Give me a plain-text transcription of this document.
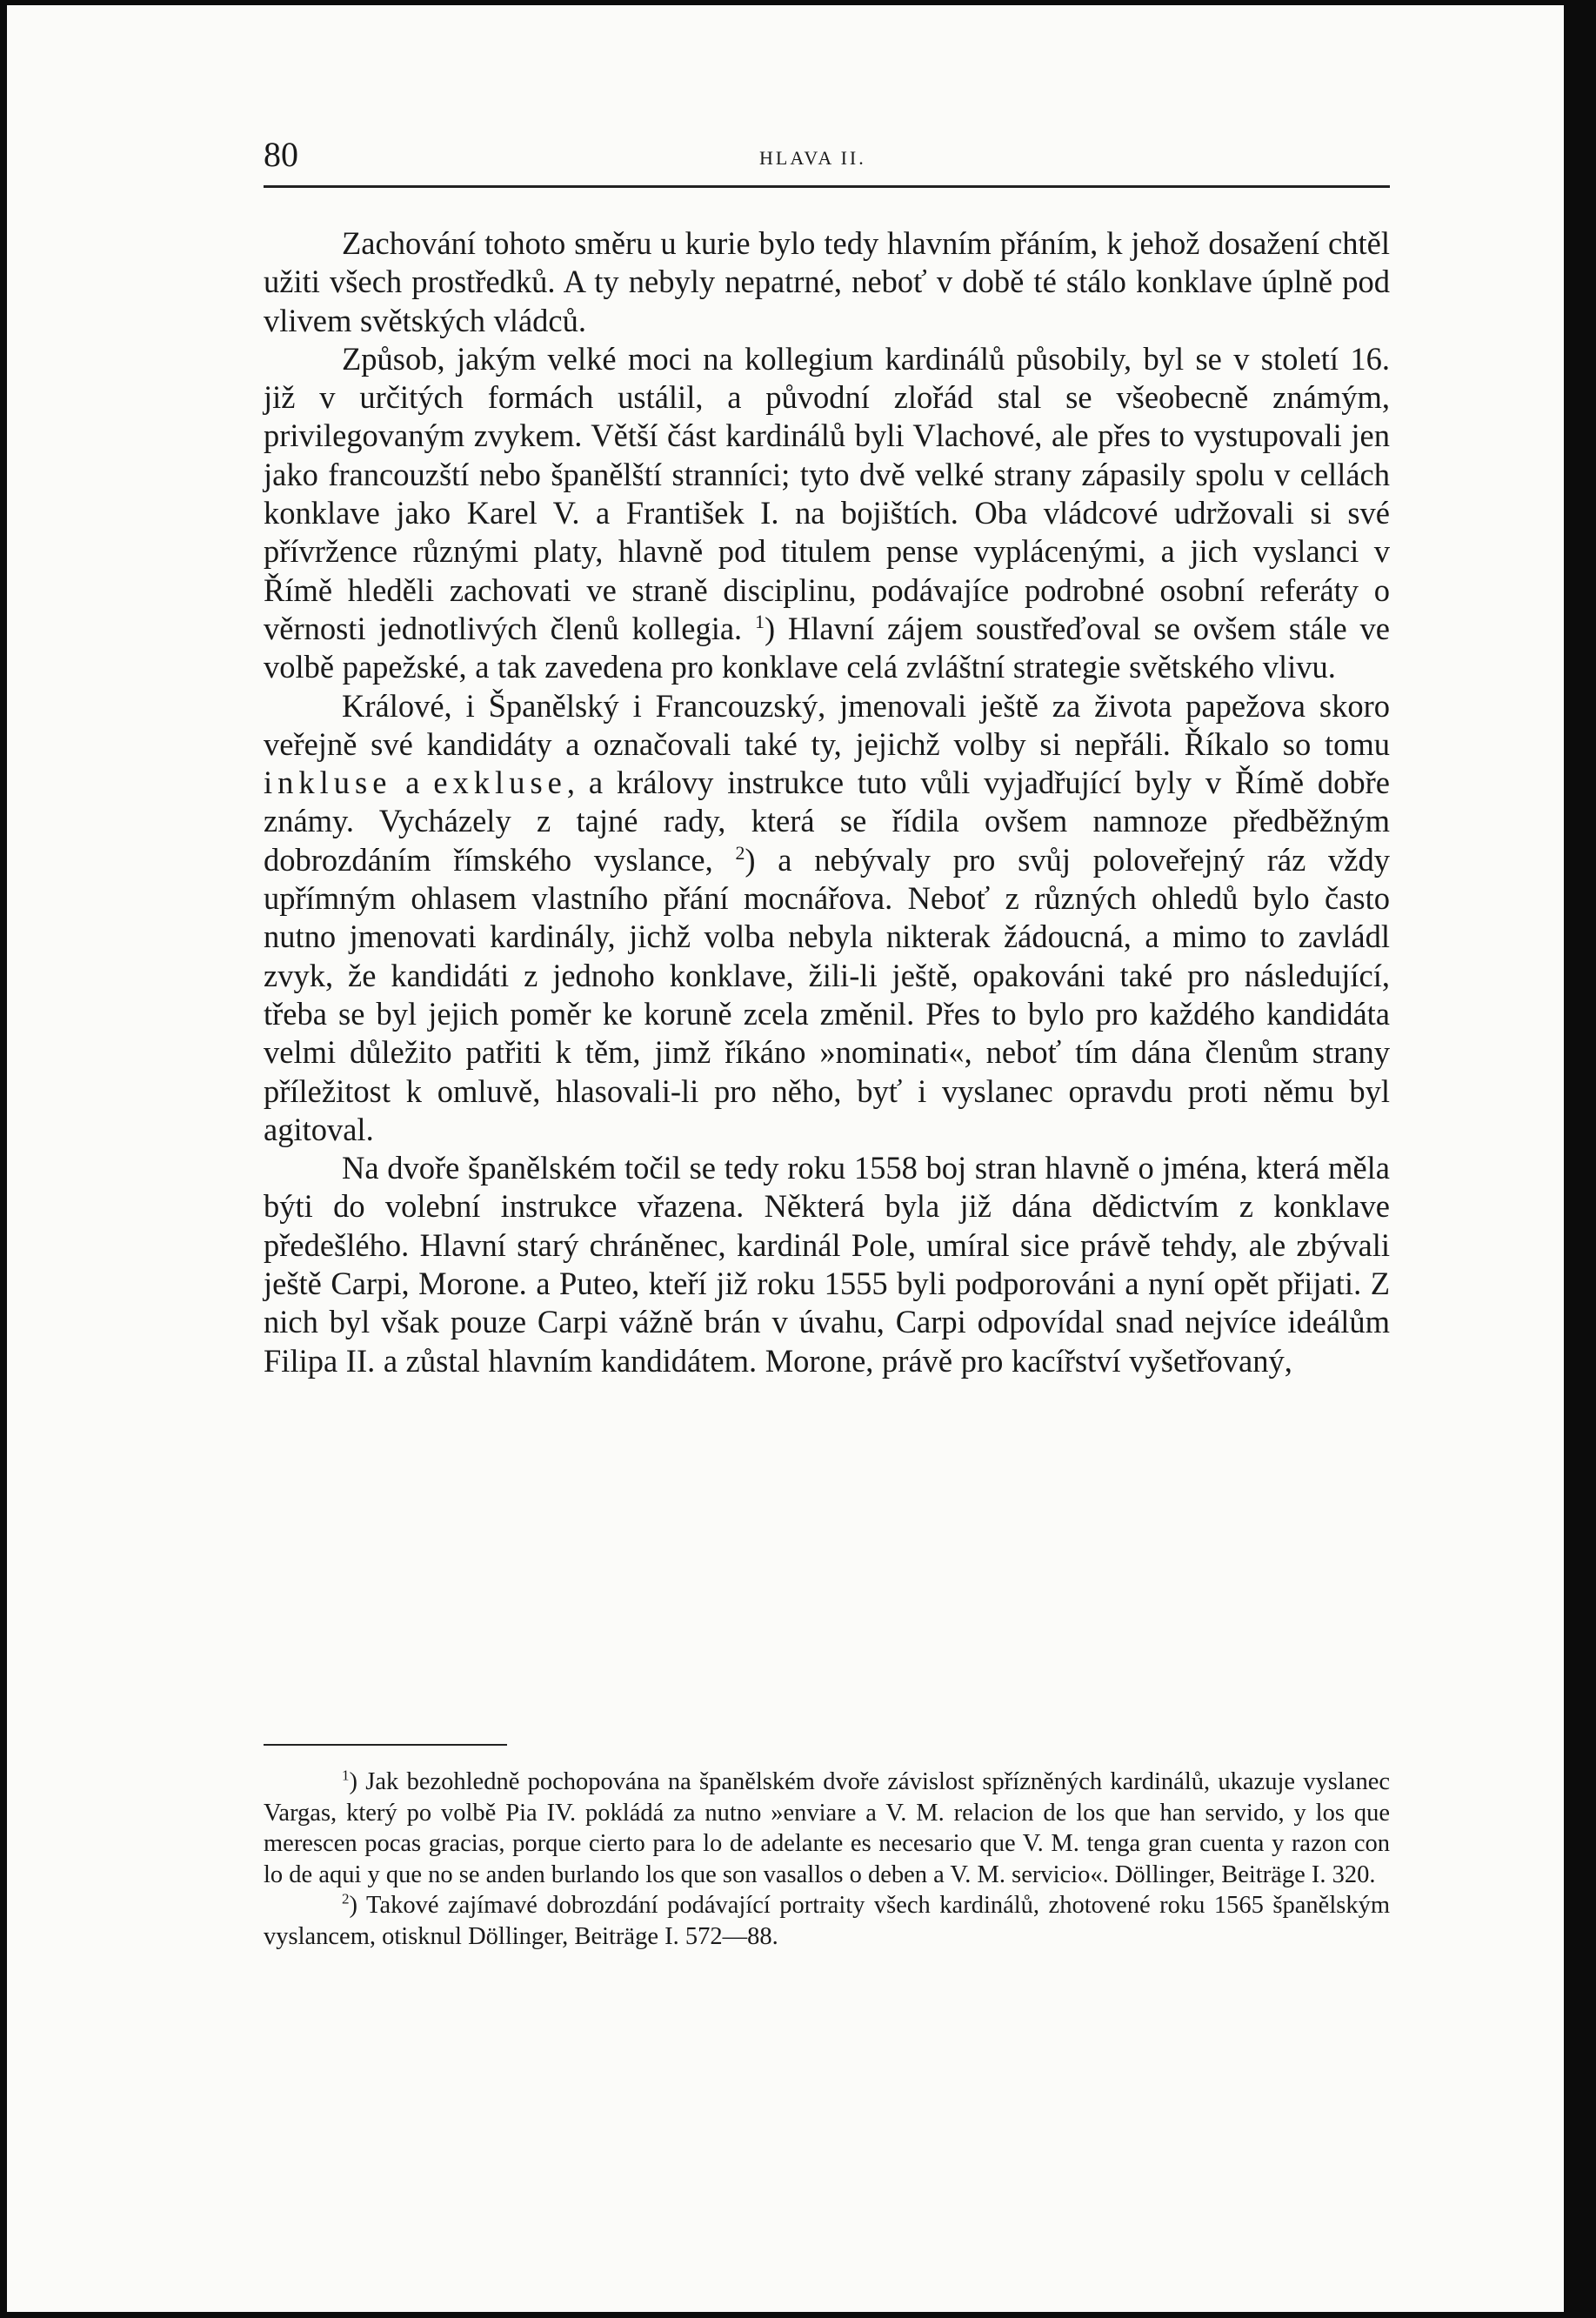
80	HLAVA II.

Zachování tohoto směru u kurie bylo tedy hlavním přáním, k jehož dosažení chtěl užiti všech prostředků. A ty nebyly nepatrné, neboť v době té stálo konklave úplně pod vlivem světských vládců.

Způsob, jakým velké moci na kollegium kardinálů působily, byl se v století 16. již v určitých formách ustálil, a původní zlořád stal se všeobecně známým, privilegovaným zvykem. Větší část kardinálů byli Vlachové, ale přes to vystupovali jen jako francouzští nebo španělští stranníci; tyto dvě velké strany zápasily spolu v cellách konklave jako Karel V. a František I. na bojištích. Oba vládcové udržovali si své přívržence různými platy, hlavně pod titulem pense vyplácenými, a jich vyslanci v Římě hleděli zachovati ve straně disciplinu, podávajíce podrobné osobní referáty o věrnosti jednotlivých členů kollegia. $^1$) Hlavní zájem soustřeďoval se ovšem stále ve volbě papežské, a tak zavedena pro konklave celá zvláštní strategie světského vlivu.

Králové, i Španělský i Francouzský, jmenovali ještě za života papežova skoro veřejně své kandidáty a označovali také ty, jejichž volby si nepřáli. Říkalo so tomu inkluse a exkluse, a královy instrukce tuto vůli vyjadřující byly v Římě dobře známy. Vycházely z tajné rady, která se řídila ovšem namnoze předběžným dobrozdáním římského vyslance, $^2$) a nebývaly pro svůj poloveřejný ráz vždy upřímným ohlasem vlastního přání mocnářova. Neboť z různých ohledů bylo často nutno jmenovati kardinály, jichž volba nebyla nikterak žádoucná, a mimo to zavládl zvyk, že kandidáti z jednoho konklave, žili-li ještě, opakováni také pro následující, třeba se byl jejich poměr ke koruně zcela změnil. Přes to bylo pro každého kandidáta velmi důležito patřiti k těm, jimž říkáno »nominati«, neboť tím dána členům strany příležitost k omluvě, hlasovali-li pro něho, byť i vyslanec opravdu proti němu byl agitoval.

Na dvoře španělském točil se tedy roku 1558 boj stran hlavně o jména, která měla býti do volební instrukce vřazena. Některá byla již dána dědictvím z konklave předešlého. Hlavní starý chráněnec, kardinál Pole, umíral sice právě tehdy, ale zbývali ještě Carpi, Morone. a Puteo, kteří již roku 1555 byli podporováni a nyní opět přijati. Z nich byl však pouze Carpi vážně brán v úvahu, Carpi odpovídal snad nejvíce ideálům Filipa II. a zůstal hlavním kandidátem. Morone, právě pro kacířství vyšetřovaný,

$^1$) Jak bezohledně pochopována na španělském dvoře závislost spřízněných kardinálů, ukazuje vyslanec Vargas, který po volbě Pia IV. pokládá za nutno »enviare a V. M. relacion de los que han servido, y los que merescen pocas gracias, porque cierto para lo de adelante es necesario que V. M. tenga gran cuenta y razon con lo de aqui y que no se anden burlando los que son vasallos o deben a V. M. servicio«. Döllinger, Beiträge I. 320.

$^2$) Takové zajímavé dobrozdání podávající portraity všech kardinálů, zhotovené roku 1565 španělským vyslancem, otisknul Döllinger, Beiträge I. 572—88.
